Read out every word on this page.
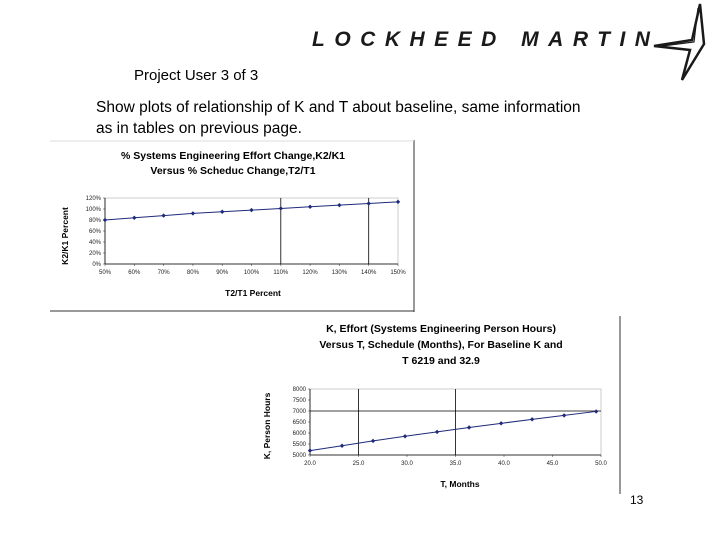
LOCKHEED MARTIN
Project User 3 of 3
Show plots of relationship of K and T about baseline, same information
as in tables on previous page.
% Systems Engineering Effort Change,K2/K1
Versus % Scheduc Change,T2/T1
T2/T1 Percent
K2/K1 Percent
0%
20%
40%
60%
80%
100%
120%
50%	60%	70%	80%	90%	100% 110% 120% 130% 140% 150%
K, Effort (Systems Engineering Person Hours)
Versus T, Schedule (Months), For Baseline K and
T 6219 and 32.9
T, Months
K, Person Hours	5000
5500
6000
6500
7000
7500
8000
20.0	25.0	30.0	35.0	40.0	45.0	50.0
13
